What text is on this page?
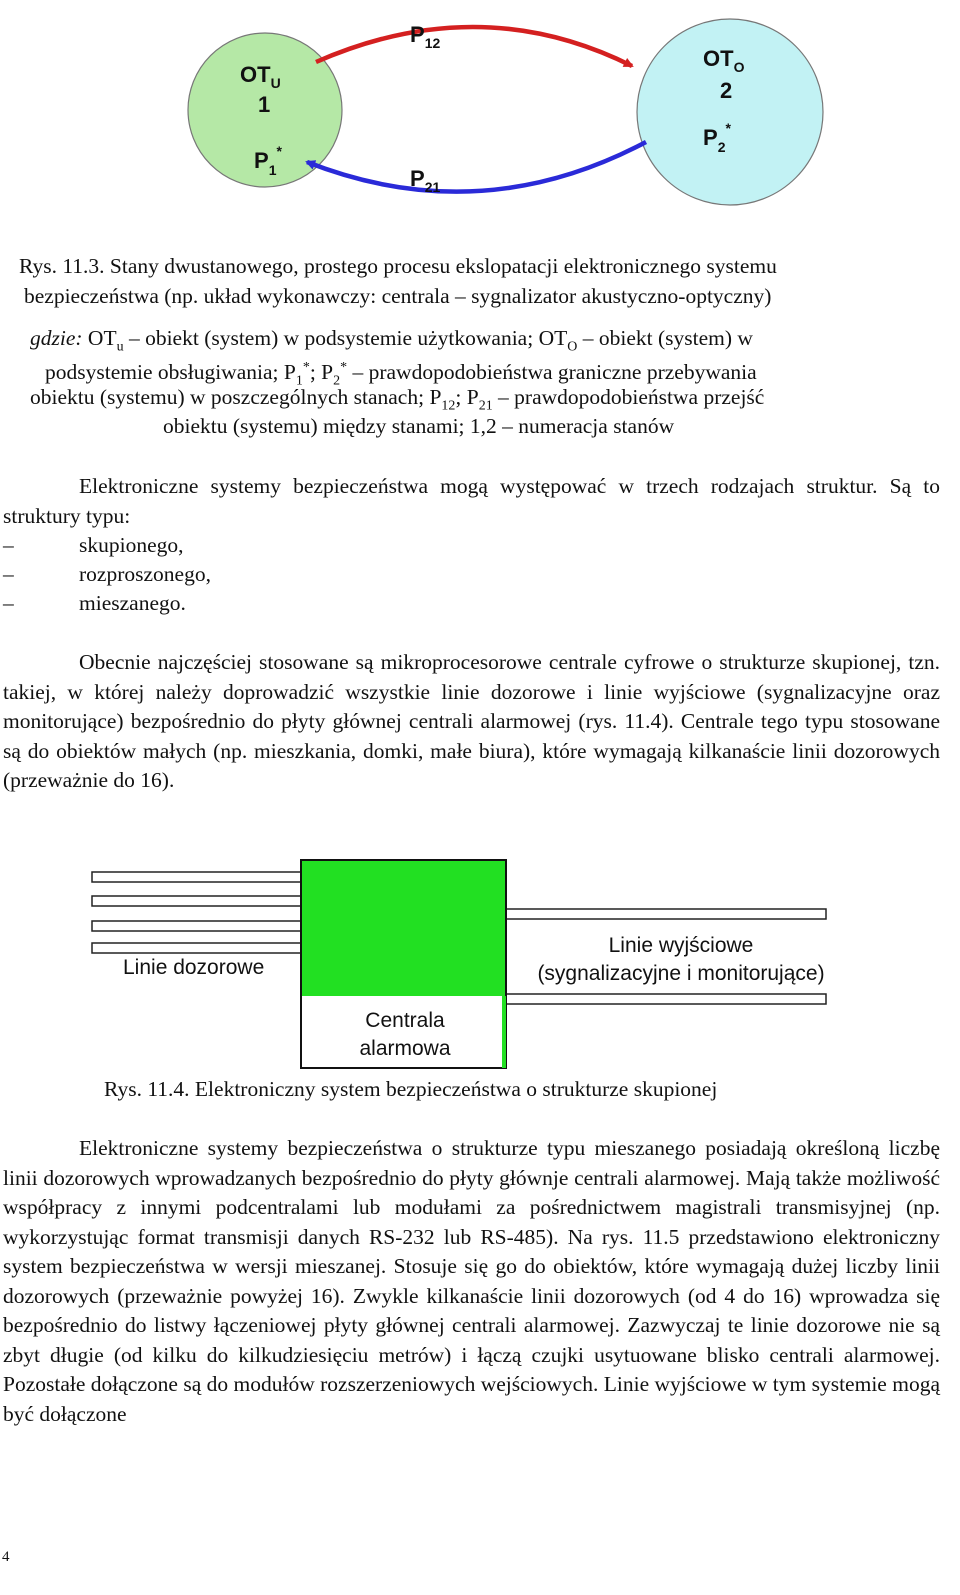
$OT_U$
1
$P_1^*$
$OT_O$
2
$P_2^*$
$P_{12}$
$P_{21}$
Rys. 11.3. Stany dwustanowego, prostego procesu ekslopatacji elektronicznego systemu
bezpieczeństwa (np. układ wykonawczy: centrala – sygnalizator akustyczno-optyczny)
gdzie: $OT_u$ – obiekt (system) w podsystemie użytkowania; $OT_O$ – obiekt (system) w
podsystemie obsługiwania; $P_1^*$; $P_2^*$ – prawdopodobieństwa graniczne przebywania
obiektu (systemu) w poszczególnych stanach; $P_{12}$; $P_{21}$ – prawdopodobieństwa przejść
obiektu (systemu) między stanami; 1,2 – numeracja stanów

Elektroniczne systemy bezpieczeństwa mogą występować w trzech rodzajach struktur. Są to struktury typu:

–	skupionego,
–	rozproszonego,
–	mieszanego.

Obecnie najczęściej stosowane są mikroprocesorowe centrale cyfrowe o strukturze skupionej, tzn. takiej, w której należy doprowadzić wszystkie linie dozorowe i linie wyjściowe (sygnalizacyjne oraz monitorujące) bezpośrednio do płyty głównej centrali alarmowej (rys. 11.4). Centrale tego typu stosowane są do obiektów małych (np. mieszkania, domki, małe biura), które wymagają kilkanaście linii dozorowych (przeważnie do 16).

Linie dozorowe
Linie wyjściowe
(sygnalizacyjne i monitorujące)
Centrala
alarmowa
Rys. 11.4. Elektroniczny system bezpieczeństwa o strukturze skupionej

Elektroniczne systemy bezpieczeństwa o strukturze typu mieszanego posiadają określoną liczbę linii dozorowych wprowadzanych bezpośrednio do płyty głównje centrali alarmowej. Mają także możliwość współpracy z innymi podcentralami lub modułami za pośrednictwem magistrali transmisyjnej (np. wykorzystując format transmisji danych RS-232 lub RS-485). Na rys. 11.5 przedstawiono elektroniczny system bezpieczeństwa w wersji mieszanej. Stosuje się go do obiektów, które wymagają dużej liczby linii dozorowych (przeważnie powyżej 16). Zwykle kilkanaście linii dozorowych (od 4 do 16) wprowadza się bezpośrednio do listwy łączeniowej płyty głównej centrali alarmowej. Zazwyczaj te linie dozorowe nie są zbyt długie (od kilku do kilkudziesięciu metrów) i łączą czujki usytuowane blisko centrali alarmowej. Pozostałe dołączone są do modułów rozszerzeniowych wejściowych. Linie wyjściowe w tym systemie mogą być dołączone

4
